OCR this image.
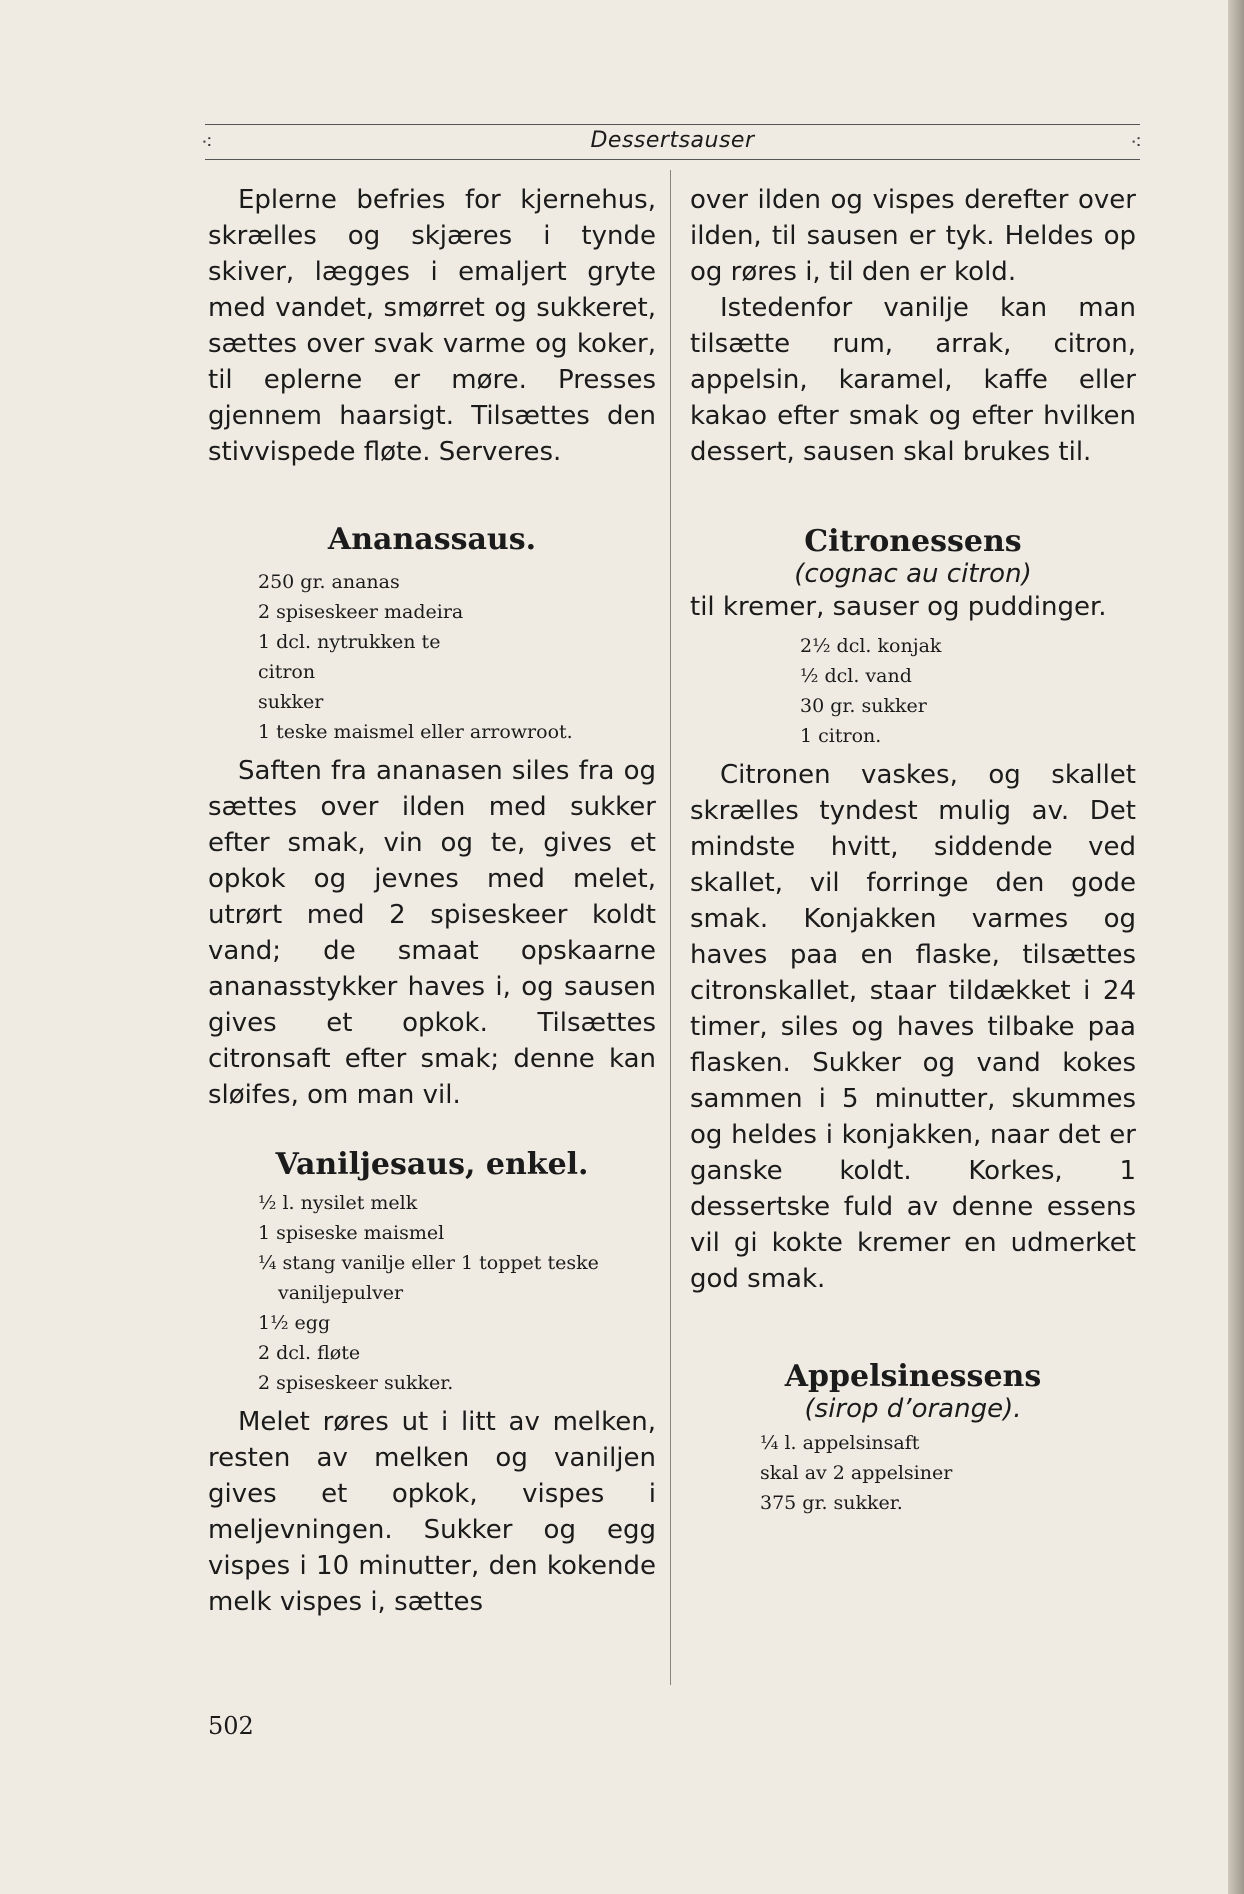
⁖	Dessertsauser	⁖

Eplerne befries for kjernehus, skrælles og skjæres i tynde skiver, lægges i emaljert gryte med vandet, smørret og sukkeret, sættes over svak varme og koker, til eplerne er møre. Presses gjennem haarsigt. Tilsættes den stivvispede fløte. Serveres.

Ananassaus.
250 gr. ananas
2 spiseskeer madeira
1 dcl. nytrukken te
citron
sukker
1 teske maismel eller arrowroot.

Saften fra ananasen siles fra og sættes over ilden med sukker efter smak, vin og te, gives et opkok og jevnes med melet, utrørt med 2 spiseskeer koldt vand; de smaat opskaarne ananasstykker haves i, og sausen gives et opkok. Tilsættes citronsaft efter smak; denne kan sløifes, om man vil.

Vaniljesaus, enkel.
½ l. nysilet melk
1 spiseske maismel
¼ stang vanilje eller 1 toppet teske vaniljepulver
1½ egg
2 dcl. fløte
2 spiseskeer sukker.

Melet røres ut i litt av melken, resten av melken og vaniljen gives et opkok, vispes i meljevningen. Sukker og egg vispes i 10 minutter, den kokende melk vispes i, sættes

over ilden og vispes derefter over ilden, til sausen er tyk. Heldes op og røres i, til den er kold.

Istedenfor vanilje kan man tilsætte rum, arrak, citron, appelsin, karamel, kaffe eller kakao efter smak og efter hvilken dessert, sausen skal brukes til.

Citronessens

(cognac au citron)

til kremer, sauser og puddinger.

2½ dcl. konjak
½ dcl. vand
30 gr. sukker
1 citron.

Citronen vaskes, og skallet skrælles tyndest mulig av. Det mindste hvitt, siddende ved skallet, vil forringe den gode smak. Konjakken varmes og haves paa en flaske, tilsættes citronskallet, staar tildækket i 24 timer, siles og haves tilbake paa flasken. Sukker og vand kokes sammen i 5 minutter, skummes og heldes i konjakken, naar det er ganske koldt. Korkes, 1 dessertske fuld av denne essens vil gi kokte kremer en udmerket god smak.

Appelsinessens

(sirop d’orange).

¼ l. appelsinsaft
skal av 2 appelsiner
375 gr. sukker.
502
